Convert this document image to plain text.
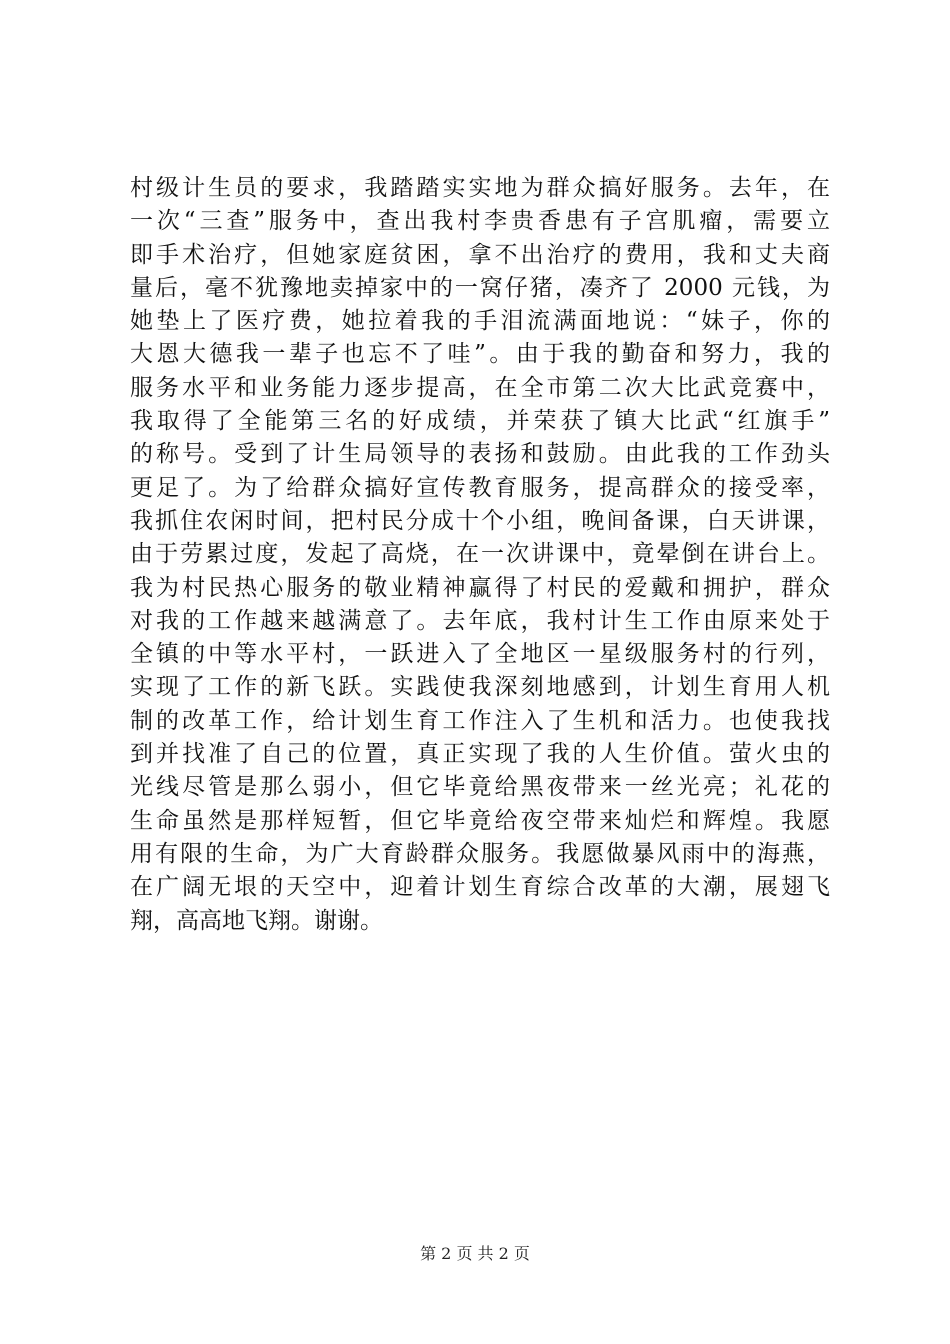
村级计生员的要求，我踏踏实实地为群众搞好服务。去年，在
一次“三查”服务中，查出我村李贵香患有子宫肌瘤，需要立
即手术治疗，但她家庭贫困，拿不出治疗的费用，我和丈夫商
量后，毫不犹豫地卖掉家中的一窝仔猪，凑齐了 2000 元钱，为
她垫上了医疗费，她拉着我的手泪流满面地说：“妹子，你的
大恩大德我一辈子也忘不了哇”。由于我的勤奋和努力，我的
服务水平和业务能力逐步提高，在全市第二次大比武竞赛中，
我取得了全能第三名的好成绩，并荣获了镇大比武“红旗手”
的称号。受到了计生局领导的表扬和鼓励。由此我的工作劲头
更足了。为了给群众搞好宣传教育服务，提高群众的接受率，
我抓住农闲时间，把村民分成十个小组，晚间备课，白天讲课，
由于劳累过度，发起了高烧，在一次讲课中，竟晕倒在讲台上。
我为村民热心服务的敬业精神赢得了村民的爱戴和拥护，群众
对我的工作越来越满意了。去年底，我村计生工作由原来处于
全镇的中等水平村，一跃进入了全地区一星级服务村的行列，
实现了工作的新飞跃。实践使我深刻地感到，计划生育用人机
制的改革工作，给计划生育工作注入了生机和活力。也使我找
到并找准了自己的位置，真正实现了我的人生价值。萤火虫的
光线尽管是那么弱小，但它毕竟给黑夜带来一丝光亮；礼花的
生命虽然是那样短暂，但它毕竟给夜空带来灿烂和辉煌。我愿
用有限的生命，为广大育龄群众服务。我愿做暴风雨中的海燕，
在广阔无垠的天空中，迎着计划生育综合改革的大潮，展翅飞
翔，高高地飞翔。谢谢。
第 2 页 共 2 页
